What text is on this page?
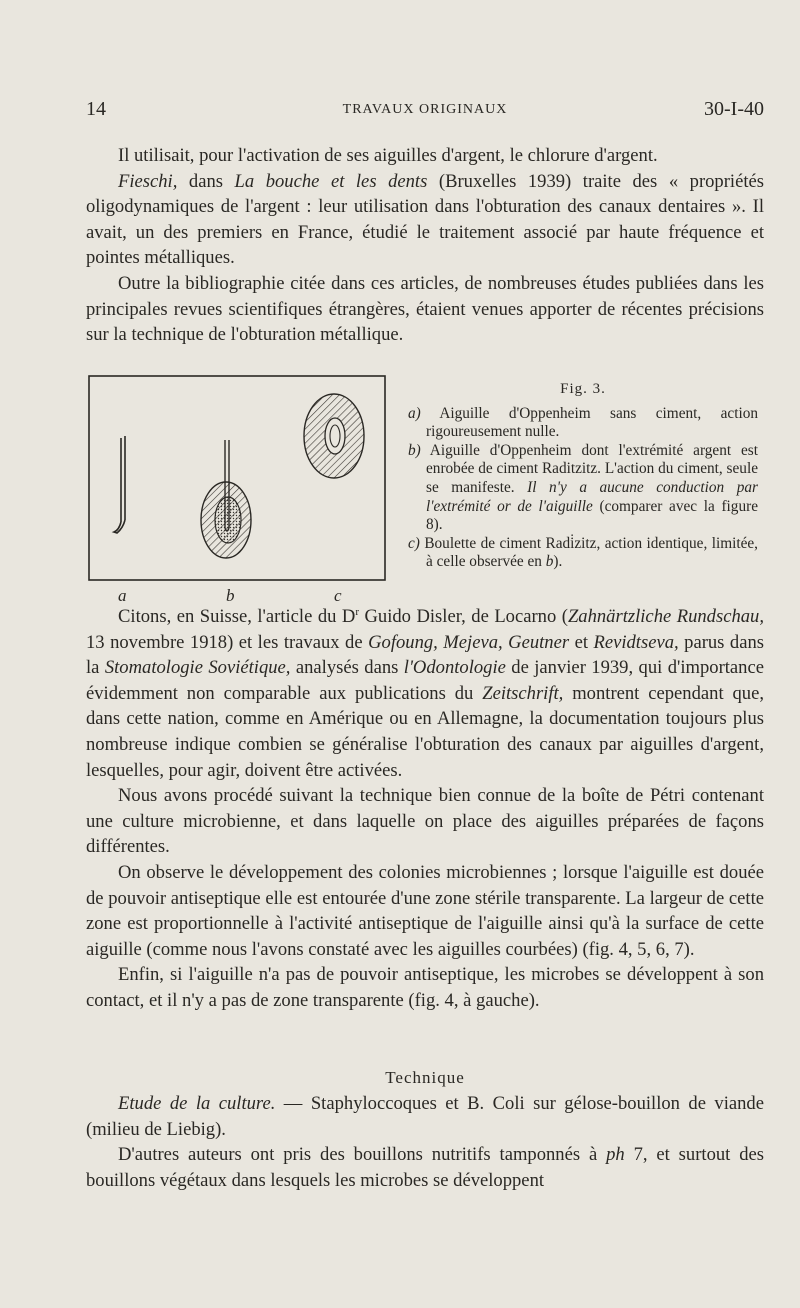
14	TRAVAUX ORIGINAUX	30-I-40

Il utilisait, pour l'activation de ses aiguilles d'argent, le chlorure d'argent.

Fieschi, dans La bouche et les dents (Bruxelles 1939) traite des « propriétés oligodynamiques de l'argent : leur utilisation dans l'obturation des canaux dentaires ». Il avait, un des premiers en France, étudié le traitement associé par haute fréquence et pointes métalliques.

Outre la bibliographie citée dans ces articles, de nombreuses études publiées dans les principales revues scientifiques étrangères, étaient venues apporter de récentes précisions sur la technique de l'obturation métallique.

a	b	c
Fig. 3.

a) Aiguille d'Oppenheim sans ciment, action rigoureusement nulle.

b) Aiguille d'Oppenheim dont l'extrémité argent est enrobée de ciment Raditzitz. L'action du ciment, seule se manifeste. Il n'y a aucune conduction par l'extrémité or de l'aiguille (comparer avec la figure 8).

c) Boulette de ciment Radi̇zitz, action identique, limitée, à celle observée en b).

Citons, en Suisse, l'article du $D^r$ Guido Disler, de Locarno (Zahnärtzliche Rundschau, 13 novembre 1918) et les travaux de Gofoung, Mejeva, Geutner et Revidtseva, parus dans la Stomatologie Soviétique, analysés dans l'Odontologie de janvier 1939, qui d'importance évidemment non comparable aux publications du Zeitschrift, montrent cependant que, dans cette nation, comme en Amérique ou en Allemagne, la documentation toujours plus nombreuse indique combien se généralise l'obturation des canaux par aiguilles d'argent, lesquelles, pour agir, doivent être activées.

Nous avons procédé suivant la technique bien connue de la boîte de Pétri contenant une culture microbienne, et dans laquelle on place des aiguilles préparées de façons différentes.

On observe le développement des colonies microbiennes ; lorsque l'aiguille est douée de pouvoir antiseptique elle est entourée d'une zone stérile transparente. La largeur de cette zone est proportionnelle à l'activité antiseptique de l'aiguille ainsi qu'à la surface de cette aiguille (comme nous l'avons constaté avec les aiguilles courbées) (fig. 4, 5, 6, 7).

Enfin, si l'aiguille n'a pas de pouvoir antiseptique, les microbes se développent à son contact, et il n'y a pas de zone transparente (fig. 4, à gauche).

Technique

Etude de la culture. — Staphyloccoques et B. Coli sur gélose-bouillon de viande (milieu de Liebig).

D'autres auteurs ont pris des bouillons nutritifs tamponnés à ph 7, et surtout des bouillons végétaux dans lesquels les microbes se développent
